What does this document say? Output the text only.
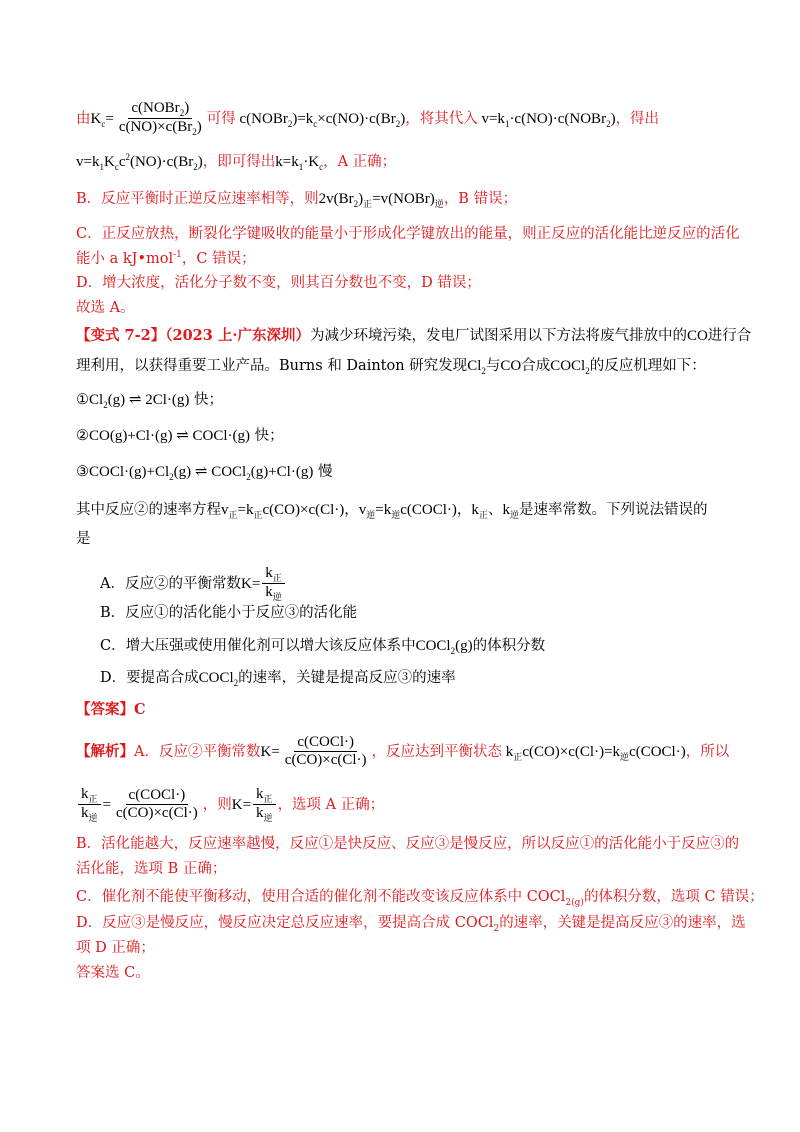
由$K_c= \frac{c(NOBr_2)}{c(NO)\times c(Br_2)}$ 可得 $c(NOBr_2)=k_c\times c(NO)\cdot c(Br_2)$，将其代入 $v=k_1\cdot c(NO)\cdot c(NOBr_2)$，得出
$v=k_1K_cc^2(NO)\cdot c(Br_2)$，即可得出$k=k_1\cdot K_c$，A 正确；
B．反应平衡时正逆反应速率相等，则$2v(Br_2)_正=v(NOBr)_逆$，B 错误；
C．正反应放热，断裂化学键吸收的能量小于形成化学键放出的能量，则正反应的活化能比逆反应的活化
能小 a kJ•mol$^{-1}$，C 错误；
D．增大浓度，活化分子数不变，则其百分数也不变，D 错误；
故选 A。
【变式 7-2】（2023 上·广东深圳）为减少环境污染，发电厂试图采用以下方法将废气排放中的CO进行合
理利用，以获得重要工业产品。Burns 和 Dainton 研究发现$Cl_2$与CO合成COCl$_2$的反应机理如下：
$①Cl_2(g)$ ⇌ 2Cl·(g) 快；
②CO(g)+Cl·(g) ⇌ COCl·(g) 快；
$③COCl\cdot(g)+Cl_2(g)$ ⇌ COCl$_2$(g)+Cl·(g) 慢
其中反应②的速率方程$v_正=k_正c(CO)\times c(Cl\cdot)$，$v_逆=k_逆c(COCl\cdot)$，$k_正$、$k_逆$是速率常数。下列说法错误的
是
A．反应②的平衡常数$K= \frac{k_正}{k_逆}$
B．反应①的活化能小于反应③的活化能
C．增大压强或使用催化剂可以增大该反应体系中COCl$_2$(g)的体积分数
D．要提高合成COCl$_2$的速率，关键是提高反应③的速率
【答案】C
【解析】A．反应②平衡常数$K= \frac{\text{c(COCl·)}}{c(CO)\times c(Cl\cdot)}$ ，反应达到平衡状态 $k_正c(CO)\times c(Cl\cdot)=k_逆c(COCl\cdot)$，所以
$\frac{k_正}{k_逆} = \frac{\text{c(COCl·)}}{c(CO)\times c(Cl\cdot)}$ ，则$K= \frac{k_正}{k_逆}$ ，选项 A 正确；
B．活化能越大，反应速率越慢，反应①是快反应、反应③是慢反应，所以反应①的活化能小于反应③的
活化能，选项 B 正确；
C．催化剂不能使平衡移动，使用合适的催化剂不能改变该反应体系中 COCl$_{2(g)}$的体积分数，选项 C 错误；
D．反应③是慢反应，慢反应决定总反应速率，要提高合成 COCl$_2$的速率，关键是提高反应③的速率，选
项 D 正确；
答案选 C。
